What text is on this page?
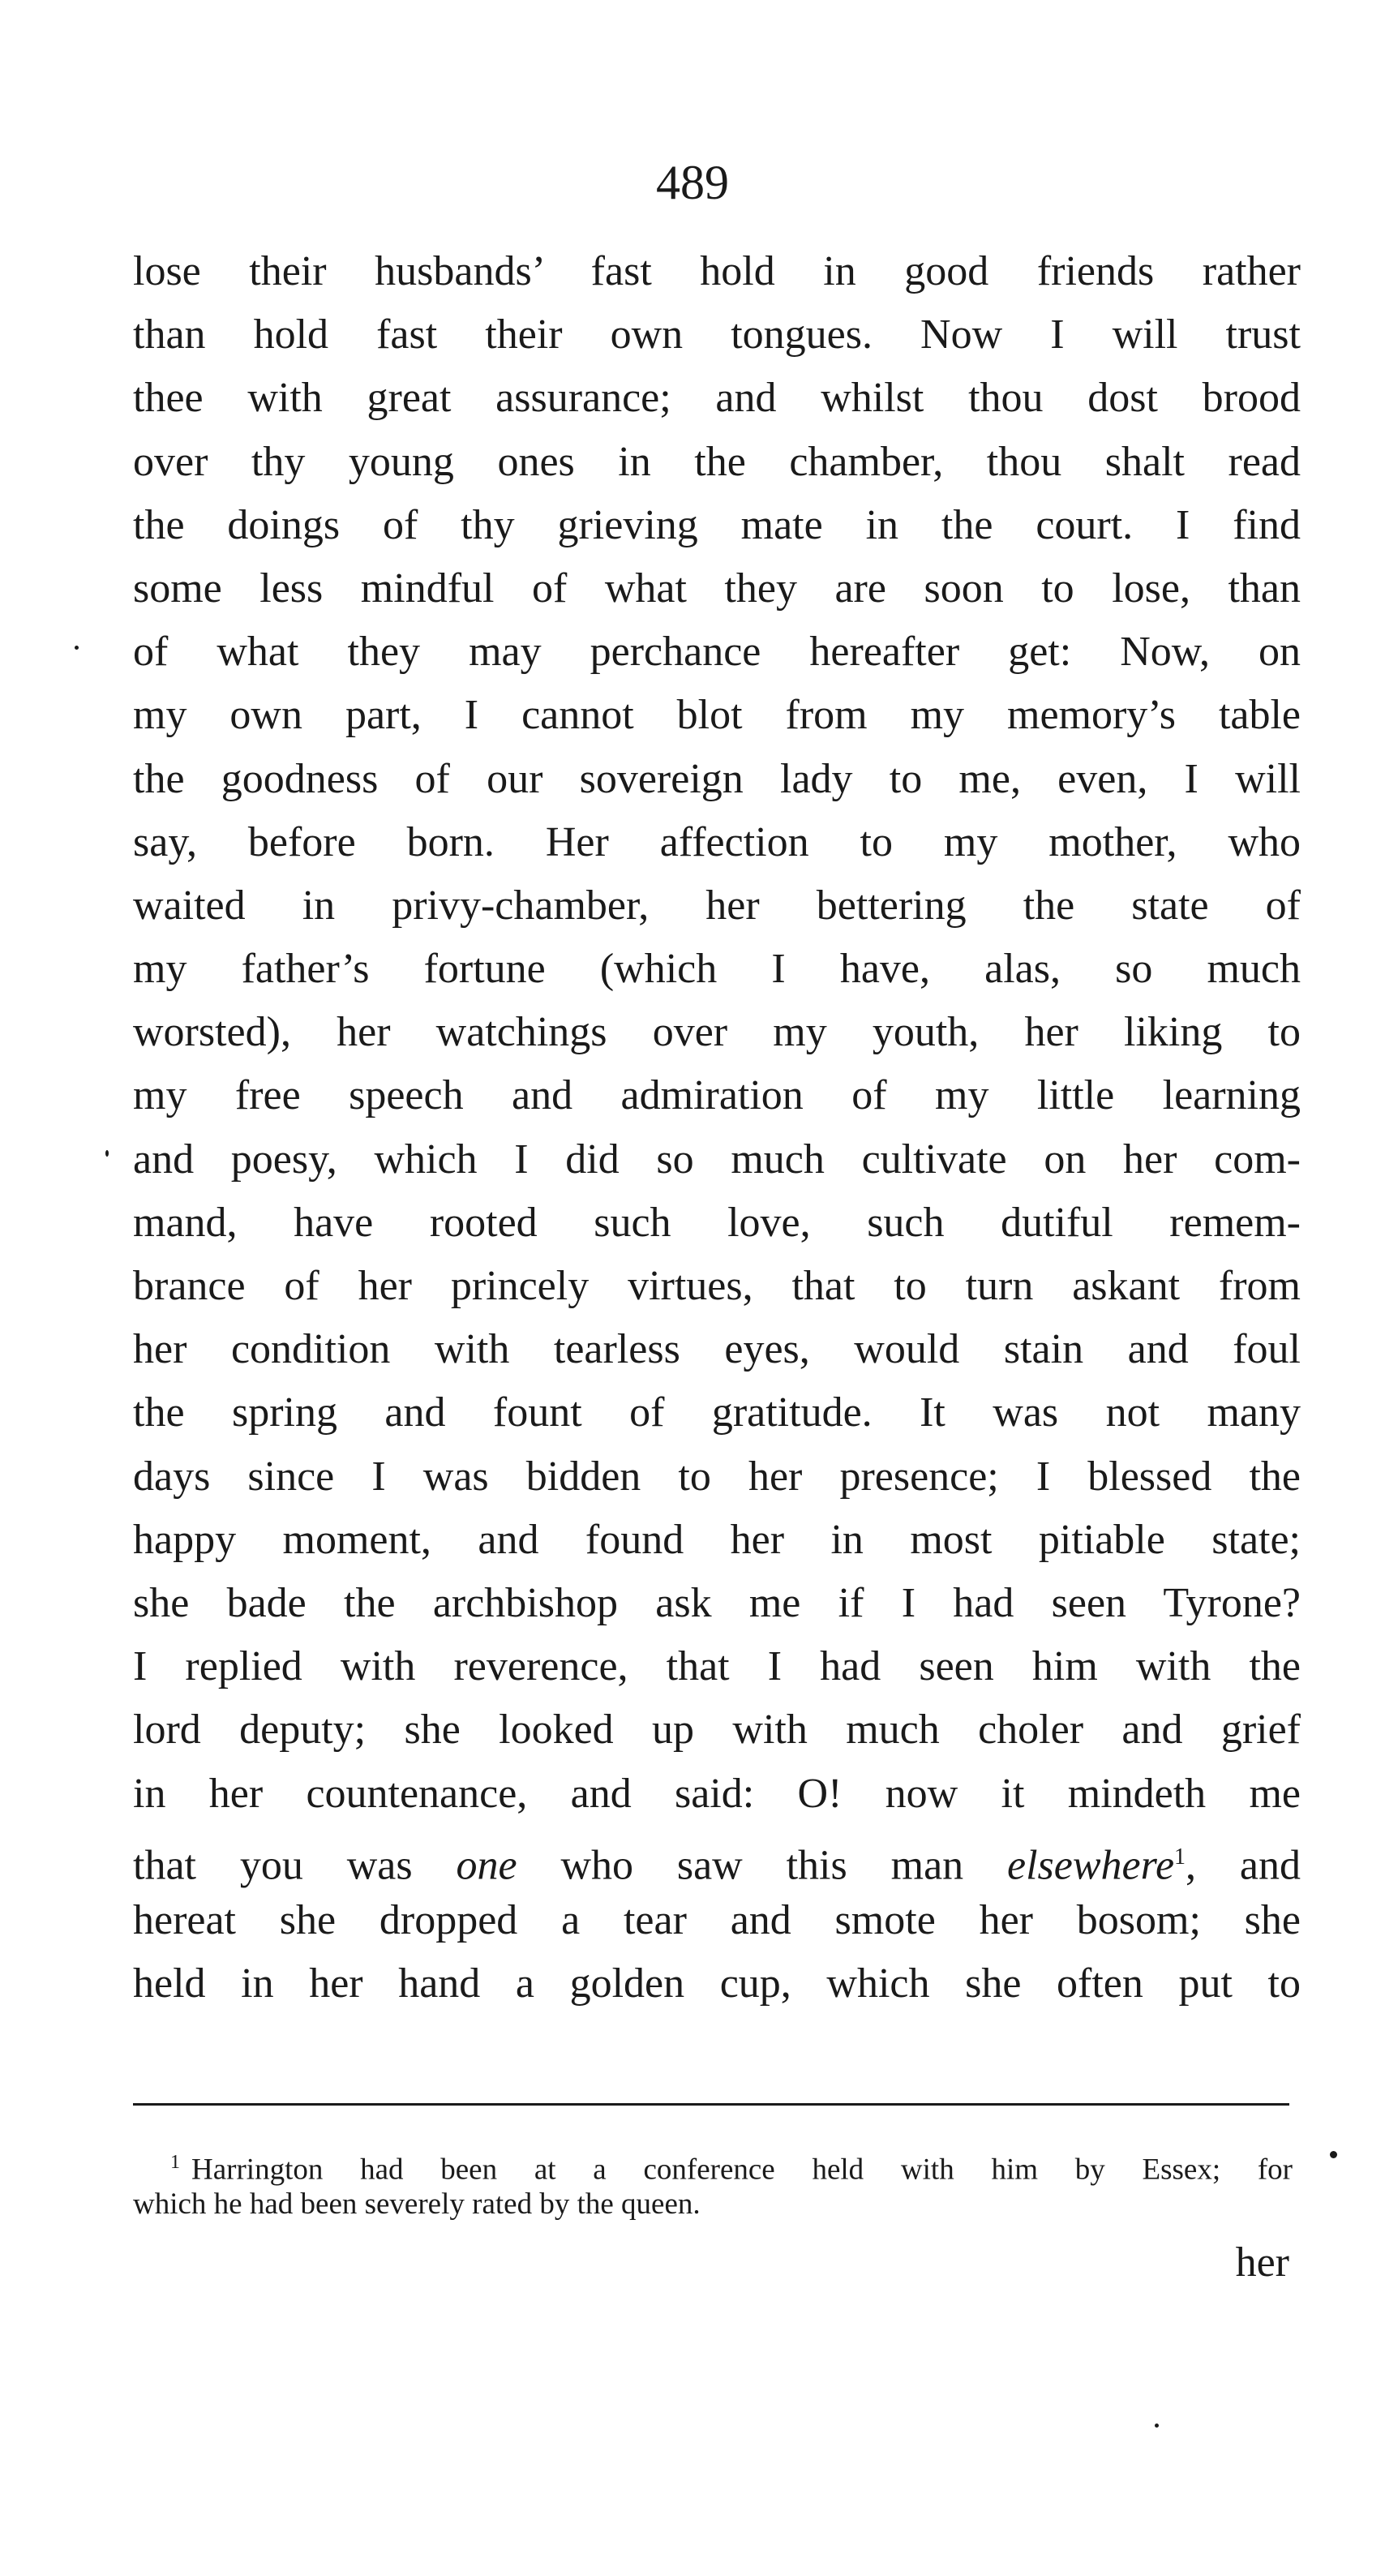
489
lose their husbands’ fast hold in good friends rather
than hold fast their own tongues. Now I will trust
thee with great assurance; and whilst thou dost brood
over thy young ones in the chamber, thou shalt read
the doings of thy grieving mate in the court. I find
some less mindful of what they are soon to lose, than
of what they may perchance hereafter get: Now, on
my own part, I cannot blot from my memory’s table
the goodness of our sovereign lady to me, even, I will
say, before born. Her affection to my mother, who
waited in privy-chamber, her bettering the state of
my father’s fortune (which I have, alas, so much
worsted), her watchings over my youth, her liking to
my free speech and admiration of my little learning
and poesy, which I did so much cultivate on her com-
mand, have rooted such love, such dutiful remem-
brance of her princely virtues, that to turn askant from
her condition with tearless eyes, would stain and foul
the spring and fount of gratitude. It was not many
days since I was bidden to her presence; I blessed the
happy moment, and found her in most pitiable state;
she bade the archbishop ask me if I had seen Tyrone?
I replied with reverence, that I had seen him with the
lord deputy; she looked up with much choler and grief
in her countenance, and said: O! now it mindeth me
that you was one who saw this man elsewhere$^1$, and
hereat she dropped a tear and smote her bosom; she
held in her hand a golden cup, which she often put to
$^1$ Harrington had been at a conference held with him by Essex; for
which he had been severely rated by the queen.
her
